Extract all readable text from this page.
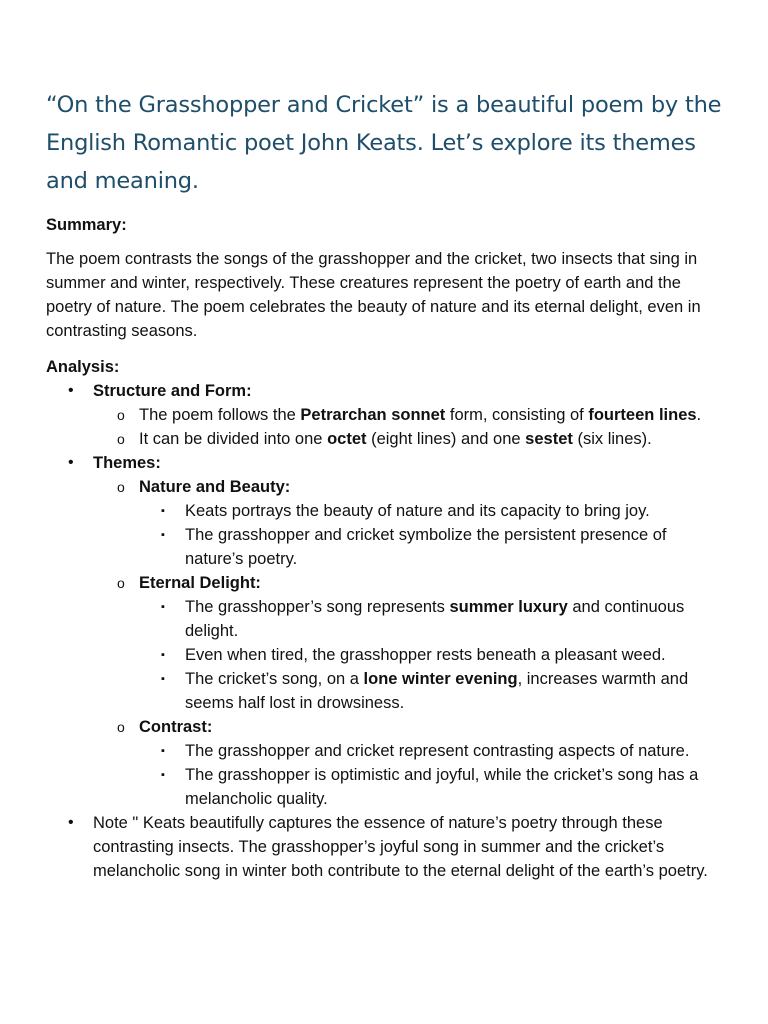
“On the Grasshopper and Cricket” is a beautiful poem by the English Romantic poet John Keats. Let’s explore its themes and meaning.

Summary:

The poem contrasts the songs of the grasshopper and the cricket, two insects that sing in summer and winter, respectively. These creatures represent the poetry of earth and the poetry of nature. The poem celebrates the beauty of nature and its eternal delight, even in contrasting seasons.

Analysis:

• Structure and Form:
o The poem follows the Petrarchan sonnet form, consisting of fourteen lines.
o It can be divided into one octet (eight lines) and one sestet (six lines).
• Themes:
o Nature and Beauty:
▪ Keats portrays the beauty of nature and its capacity to bring joy.
▪ The grasshopper and cricket symbolize the persistent presence of nature’s poetry.
o Eternal Delight:
▪ The grasshopper’s song represents summer luxury and continuous delight.
▪ Even when tired, the grasshopper rests beneath a pleasant weed.
▪ The cricket’s song, on a lone winter evening, increases warmth and seems half lost in drowsiness.
o Contrast:
▪ The grasshopper and cricket represent contrasting aspects of nature.
▪ The grasshopper is optimistic and joyful, while the cricket’s song has a melancholic quality.
• Note " Keats beautifully captures the essence of nature’s poetry through these contrasting insects. The grasshopper’s joyful song in summer and the cricket’s melancholic song in winter both contribute to the eternal delight of the earth’s poetry.
